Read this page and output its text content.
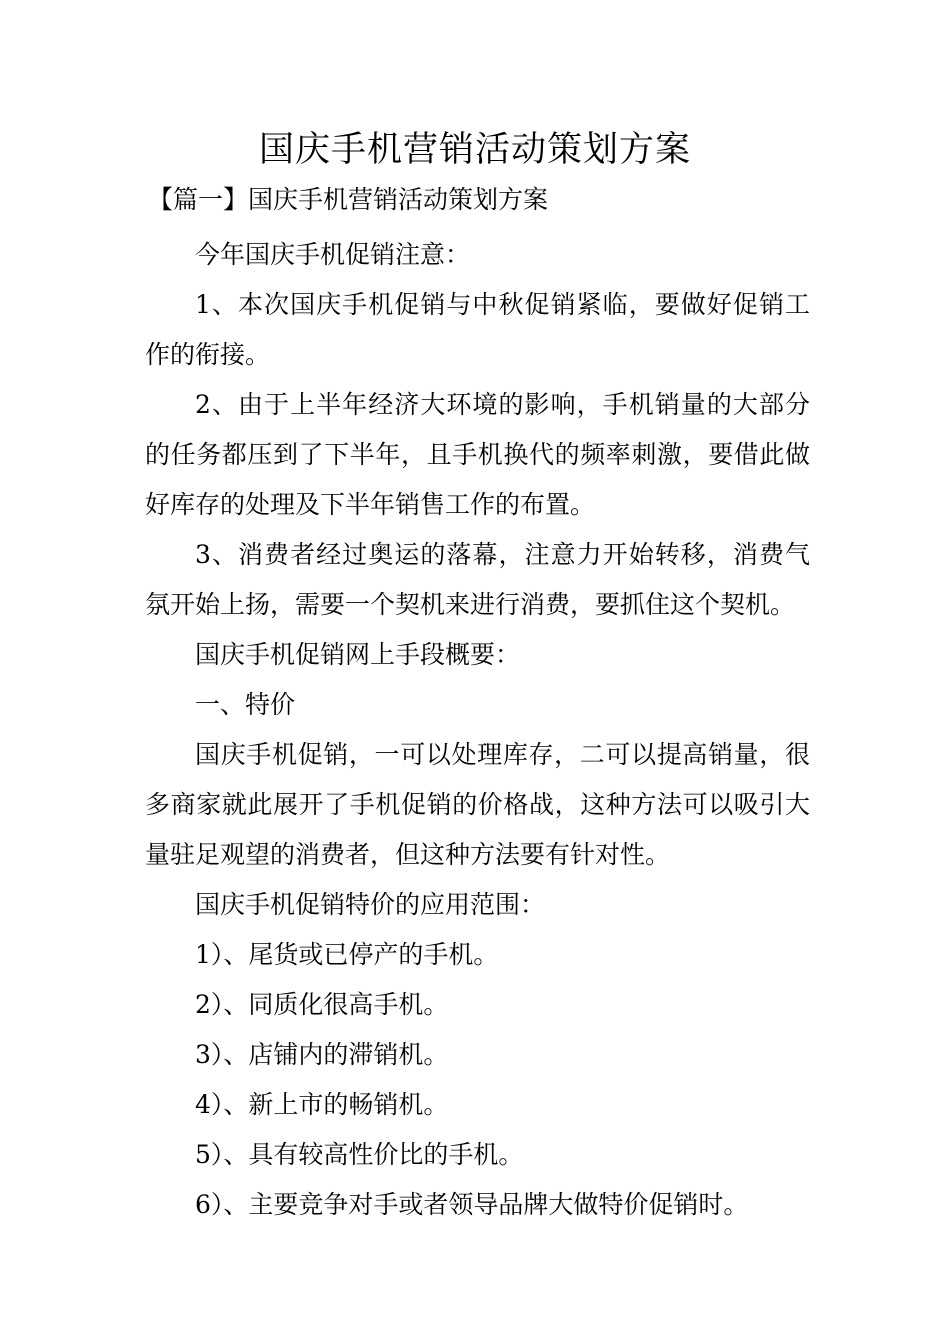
国庆手机营销活动策划方案
【篇一】国庆手机营销活动策划方案

今年国庆手机促销注意：

1、本次国庆手机促销与中秋促销紧临，要做好促销工作的衔接。

2、由于上半年经济大环境的影响，手机销量的大部分的任务都压到了下半年，且手机换代的频率刺激，要借此做好库存的处理及下半年销售工作的布置。

3、消费者经过奥运的落幕，注意力开始转移，消费气氛开始上扬，需要一个契机来进行消费，要抓住这个契机。

国庆手机促销网上手段概要：

一、特价

国庆手机促销，一可以处理库存，二可以提高销量，很多商家就此展开了手机促销的价格战，这种方法可以吸引大量驻足观望的消费者，但这种方法要有针对性。

国庆手机促销特价的应用范围：

1）、尾货或已停产的手机。

2）、同质化很高手机。

3）、店铺内的滞销机。

4）、新上市的畅销机。

5）、具有较高性价比的手机。

6）、主要竞争对手或者领导品牌大做特价促销时。
